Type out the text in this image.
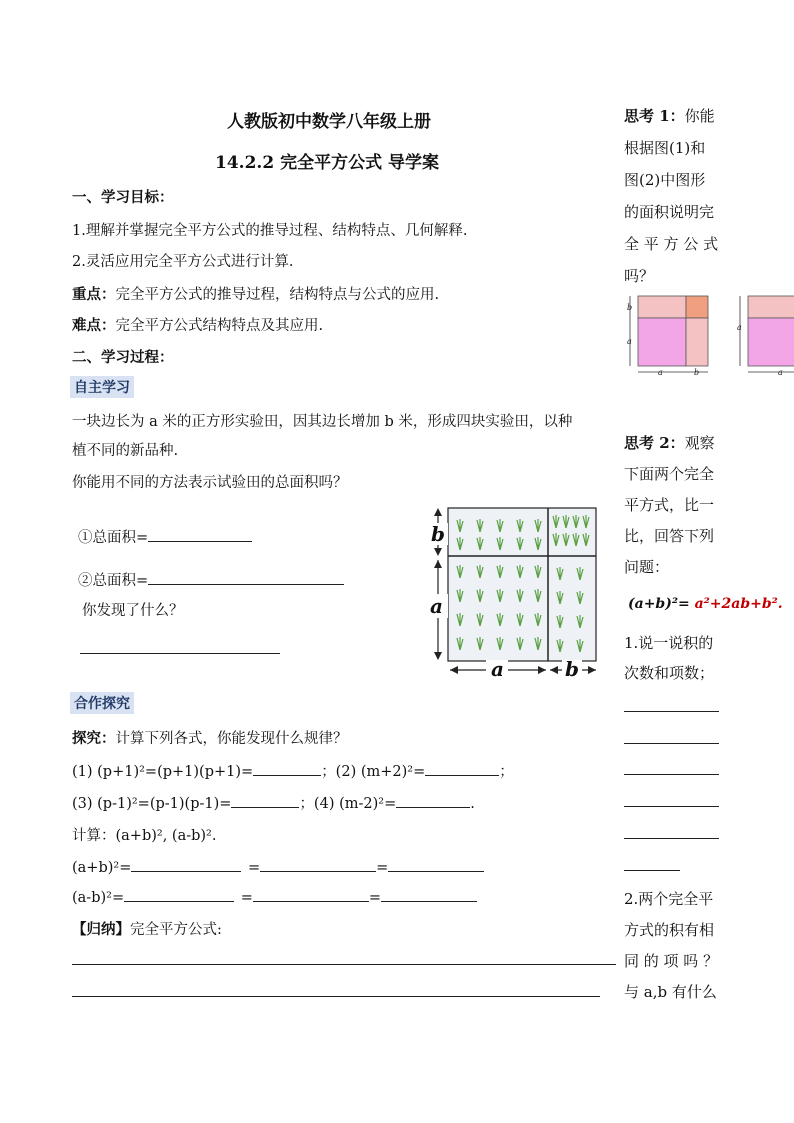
人教版初中数学八年级上册
14.2.2 完全平方公式 导学案
一、学习目标：
1.理解并掌握完全平方公式的推导过程、结构特点、几何解释.
2.灵活应用完全平方公式进行计算.
重点：完全平方公式的推导过程，结构特点与公式的应用.
难点：完全平方公式结构特点及其应用.
二、学习过程：
自主学习
一块边长为 a 米的正方形实验田，因其边长增加 b 米，形成四块实验田，以种
植不同的新品种.
你能用不同的方法表示试验田的总面积吗？
①总面积=
②总面积=
你发现了什么？
b
a
a	b
合作探究
探究：计算下列各式，你能发现什么规律？
(1) (p+1)²=(p+1)(p+1)=	；(2) (m+2)²=	；
(3) (p-1)²=(p-1)(p-1)=	；(4) (m-2)²=	.
计算：(a+b)², (a-b)².
(a+b)²=	=	=
(a-b)²=	=	=
【归纳】完全平方公式:
思考 1：你能
根据图(1)和
图(2)中图形
的面积说明完
全 平 方 公 式
吗？
b
a
a	b
a
a
思考 2：观察
下面两个完全
平方式，比一
比，回答下列
问题：
(a+b)²= a²+2ab+b².
1.说一说积的
次数和项数；
2.两个完全平
方式的积有相
同 的 项 吗 ？
与 a,b 有什么
